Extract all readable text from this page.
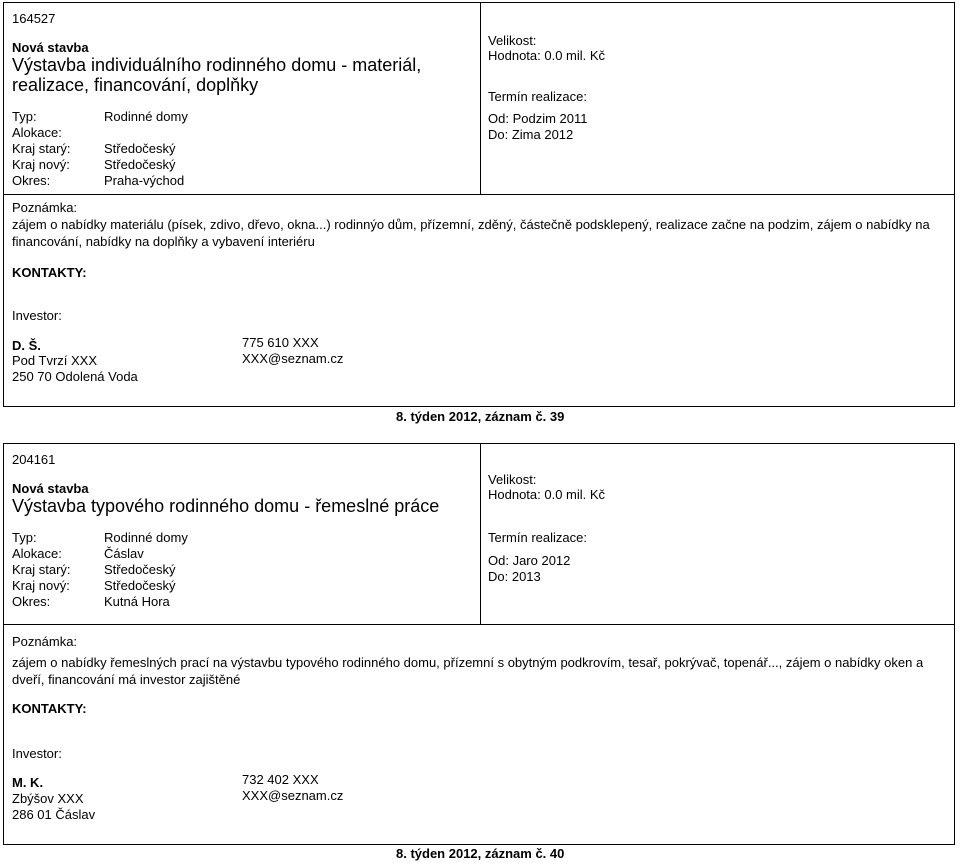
164527
Nová stavba
Výstavba individuálního rodinného domu - materiál, realizace, financování, doplňky
Typ:
Alokace:
Kraj starý:
Kraj nový:
Okres:
Rodinné domy
Středočeský
Středočeský
Praha-východ
Velikost:
Hodnota: 0.0 mil. Kč
Termín realizace:
Od: Podzim 2011
Do: Zima 2012
Poznámka:
zájem o nabídky materiálu (písek, zdivo, dřevo, okna...) rodinnýo dům, přízemní, zděný, částečně podsklepený, realizace začne na podzim, zájem o nabídky na financování, nabídky na doplňky a vybavení interiéru
KONTAKTY:
Investor:
D. Š.
Pod Tvrzí XXX
250 70 Odolená Voda
775 610 XXX
XXX@seznam.cz
8. týden 2012, záznam č. 39
204161
Nová stavba
Výstavba typového rodinného domu - řemeslné práce
Typ:
Alokace:
Kraj starý:
Kraj nový:
Okres:
Rodinné domy
Čáslav
Středočeský
Středočeský
Kutná Hora
Velikost:
Hodnota: 0.0 mil. Kč
Termín realizace:
Od: Jaro 2012
Do: 2013
Poznámka:
zájem o nabídky řemeslných prací na výstavbu typového rodinného domu, přízemní s obytným podkrovím, tesař, pokrývač, topenář..., zájem o nabídky oken a dveří, financování má investor zajištěné
KONTAKTY:
Investor:
M. K.
Zbýšov XXX
286 01 Čáslav
732 402 XXX
XXX@seznam.cz
8. týden 2012, záznam č. 40
